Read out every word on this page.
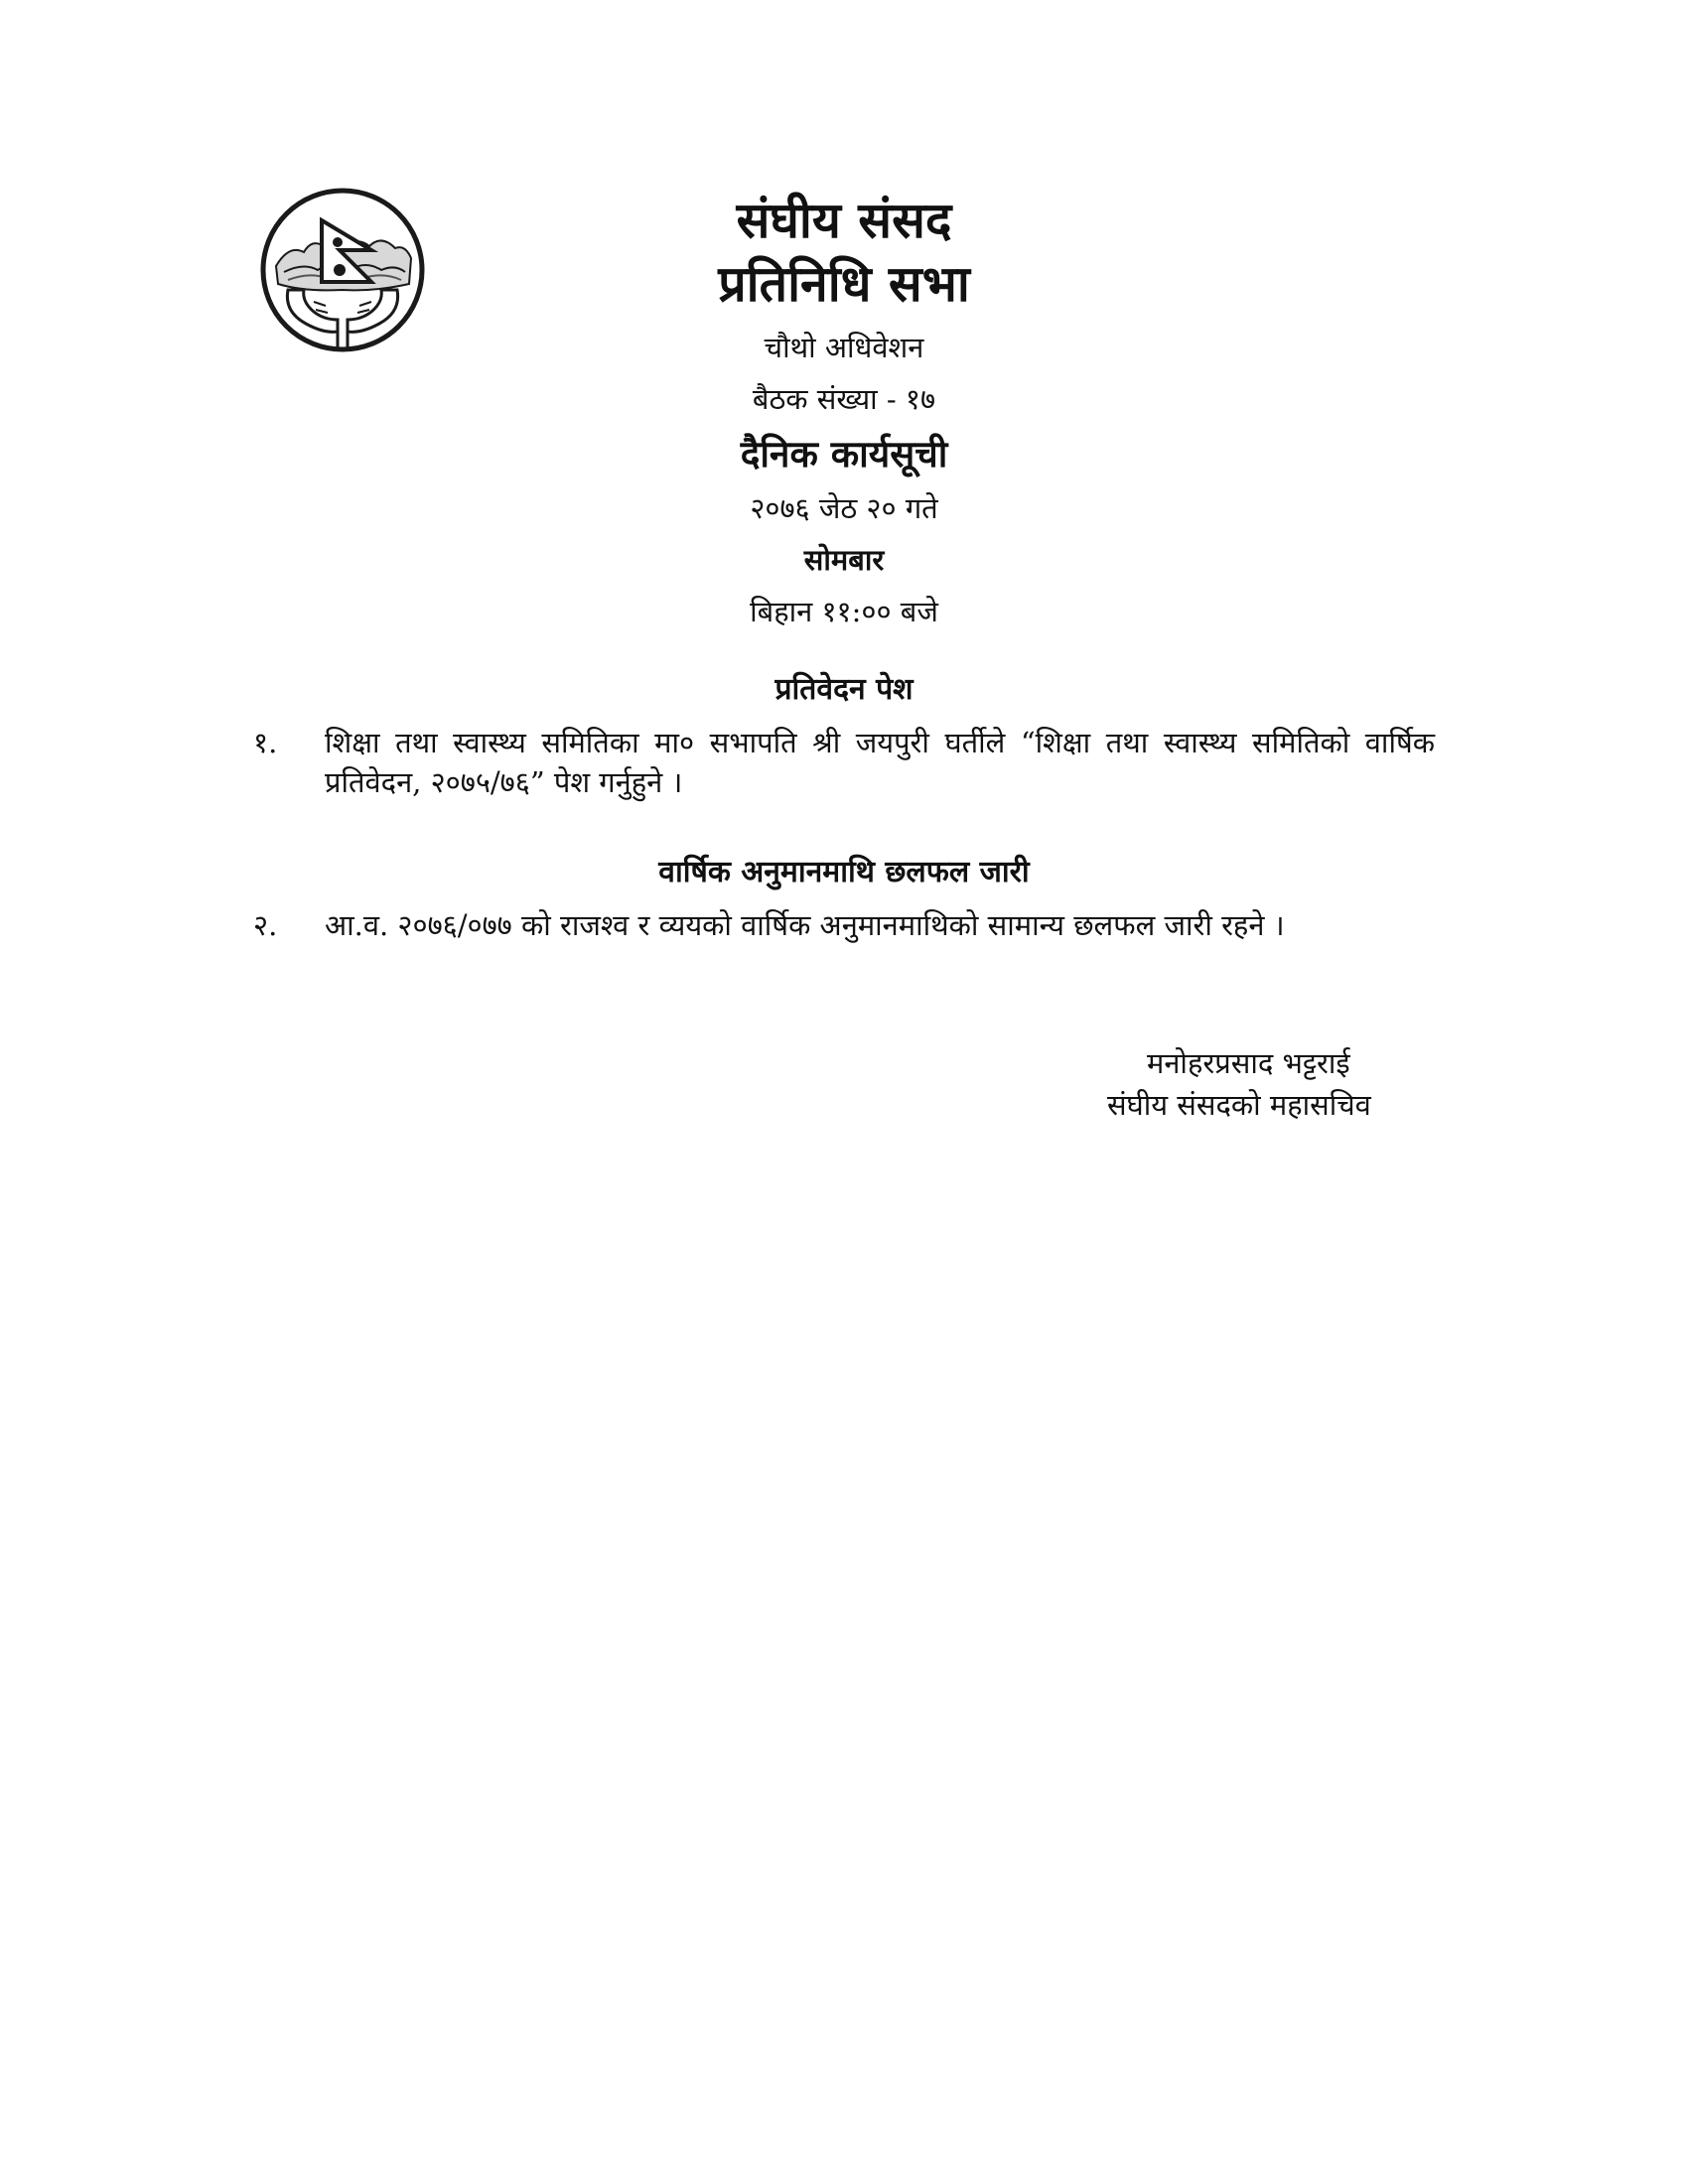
संघीय संसद

प्रतिनिधि सभा

चौथो अधिवेशन

बैठक संख्या - १७

दैनिक कार्यसूची

२०७६ जेठ २० गते

सोमबार

बिहान ११:०० बजे

प्रतिवेदन पेश
१.	शिक्षा तथा स्वास्थ्य समितिका मा० सभापति श्री जयपुरी घर्तीले “शिक्षा तथा स्वास्थ्य समितिको वार्षिक प्रतिवेदन, २०७५/७६” पेश गर्नुहुने ।
वार्षिक अनुमानमाथि छलफल जारी
२.	आ.व. २०७६/०७७ को राजश्व र व्ययको वार्षिक अनुमानमाथिको सामान्य छलफल जारी रहने ।
मनोहरप्रसाद भट्टराई
संघीय संसदको महासचिव
